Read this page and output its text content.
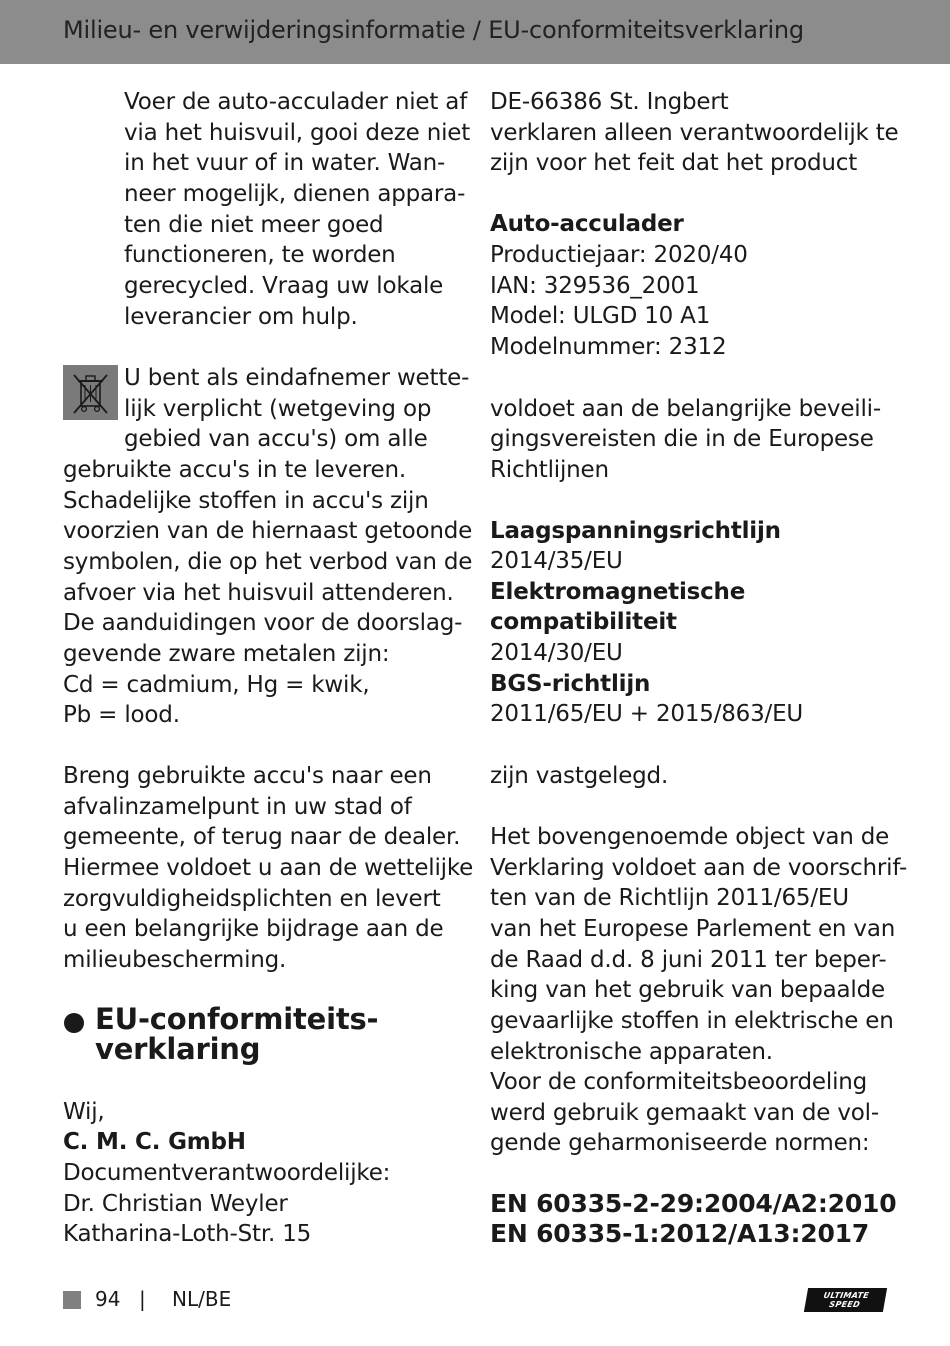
Milieu- en verwijderingsinformatie / EU-conformiteitsverklaring
Voer de auto-acculader niet af
via het huisvuil, gooi deze niet
in het vuur of in water. Wan-
neer mogelijk, dienen appara-
ten die niet meer goed
functioneren, te worden
gerecycled. Vraag uw lokale
leverancier om hulp.
U bent als eindafnemer wette-
lijk verplicht (wetgeving op
gebied van accu's) om alle
gebruikte accu's in te leveren.
Schadelijke stoffen in accu's zijn
voorzien van de hiernaast getoonde
symbolen, die op het verbod van de
afvoer via het huisvuil attenderen.
De aanduidingen voor de doorslag-
gevende zware metalen zijn:
Cd = cadmium, Hg = kwik,
Pb = lood.
Breng gebruikte accu's naar een
afvalinzamelpunt in uw stad of
gemeente, of terug naar de dealer.
Hiermee voldoet u aan de wettelijke
zorgvuldigheidsplichten en levert
u een belangrijke bijdrage aan de
milieubescherming.
EU-conformiteits-
verklaring
Wij,
C. M. C. GmbH
Documentverantwoordelijke:
Dr. Christian Weyler
Katharina-Loth-Str. 15
DE-66386 St. Ingbert
verklaren alleen verantwoordelijk te
zijn voor het feit dat het product
Auto-acculader
Productiejaar: 2020/40
IAN: 329536_2001
Model: ULGD 10 A1
Modelnummer: 2312
voldoet aan de belangrijke beveili-
gingsvereisten die in de Europese
Richtlijnen
Laagspanningsrichtlijn
2014/35/EU
Elektromagnetische
compatibiliteit
2014/30/EU
BGS-richtlijn
2011/65/EU + 2015/863/EU
zijn vastgelegd.
Het bovengenoemde object van de
Verklaring voldoet aan de voorschrif-
ten van de Richtlijn 2011/65/EU
van het Europese Parlement en van
de Raad d.d. 8 juni 2011 ter beper-
king van het gebruik van bepaalde
gevaarlijke stoffen in elektrische en
elektronische apparaten.
Voor de conformiteitsbeoordeling
werd gebruik gemaakt van de vol-
gende geharmoniseerde normen:
EN 60335-2-29:2004/A2:2010
EN 60335-1:2012/A13:2017
94 | NL/BE	ULTIMATE
SPEED
